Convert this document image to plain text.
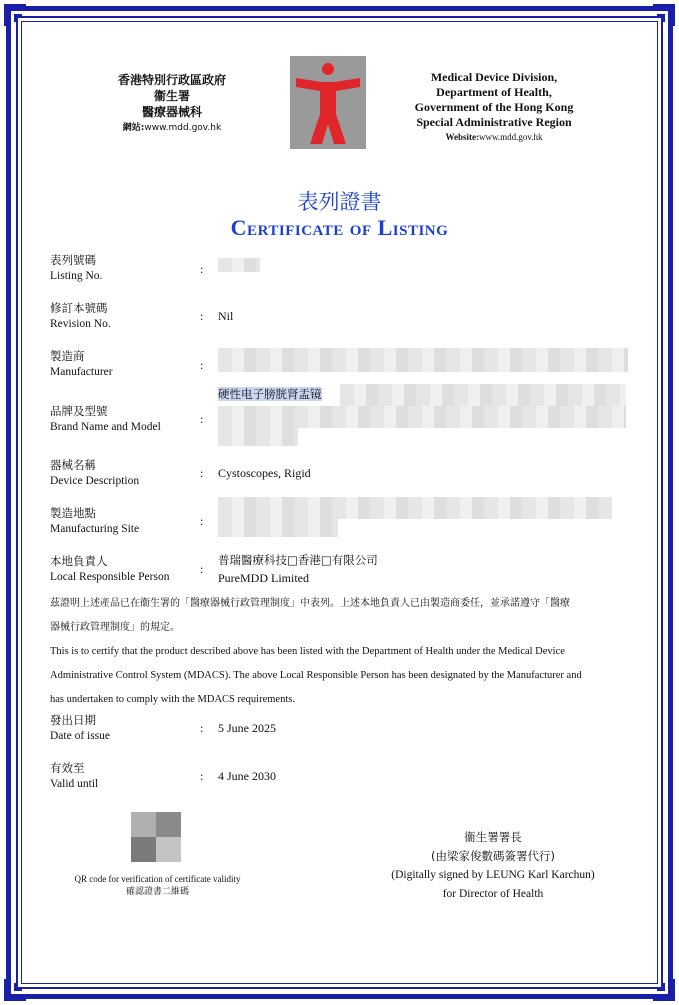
香港特別行政區政府
衞生署
醫療器械科
網站:www.mdd.gov.hk
Medical Device Division,
Department of Health,
Government of the Hong Kong
Special Administrative Region
Website:www.mdd.gov.hk
表列證書
Certificate of Listing
表列號碼
Listing No.	:
修訂本號碼
Revision No.
: Nil
製造商
Manufacturer	:
品牌及型號
Brand Name and Model
:
硬性电子膀胱肾盂镜
器械名稱
Device Description
: Cystoscopes, Rigid
製造地點
Manufacturing Site
:
本地負責人
Local Responsible Person
:
普瑞醫療科技□香港□有限公司
PureMDD Limited
茲證明上述產品已在衞生署的「醫療器械行政管理制度」中表列。上述本地負責人已由製造商委任，並承諾遵守「醫療
器械行政管理制度」的規定。
This is to certify that the product described above has been listed with the Department of Health under the Medical Device
Administrative Control System (MDACS). The above Local Responsible Person has been designated by the Manufacturer and
has undertaken to comply with the MDACS requirements.
發出日期
Date of issue
: 5 June 2025
有效至
Valid until
: 4 June 2030
QR code for verification of certificate validity
確認證書二維碼
衞生署署長
(由梁家俊數碼簽署代行)
(Digitally signed by LEUNG Karl Karchun)
for Director of Health
